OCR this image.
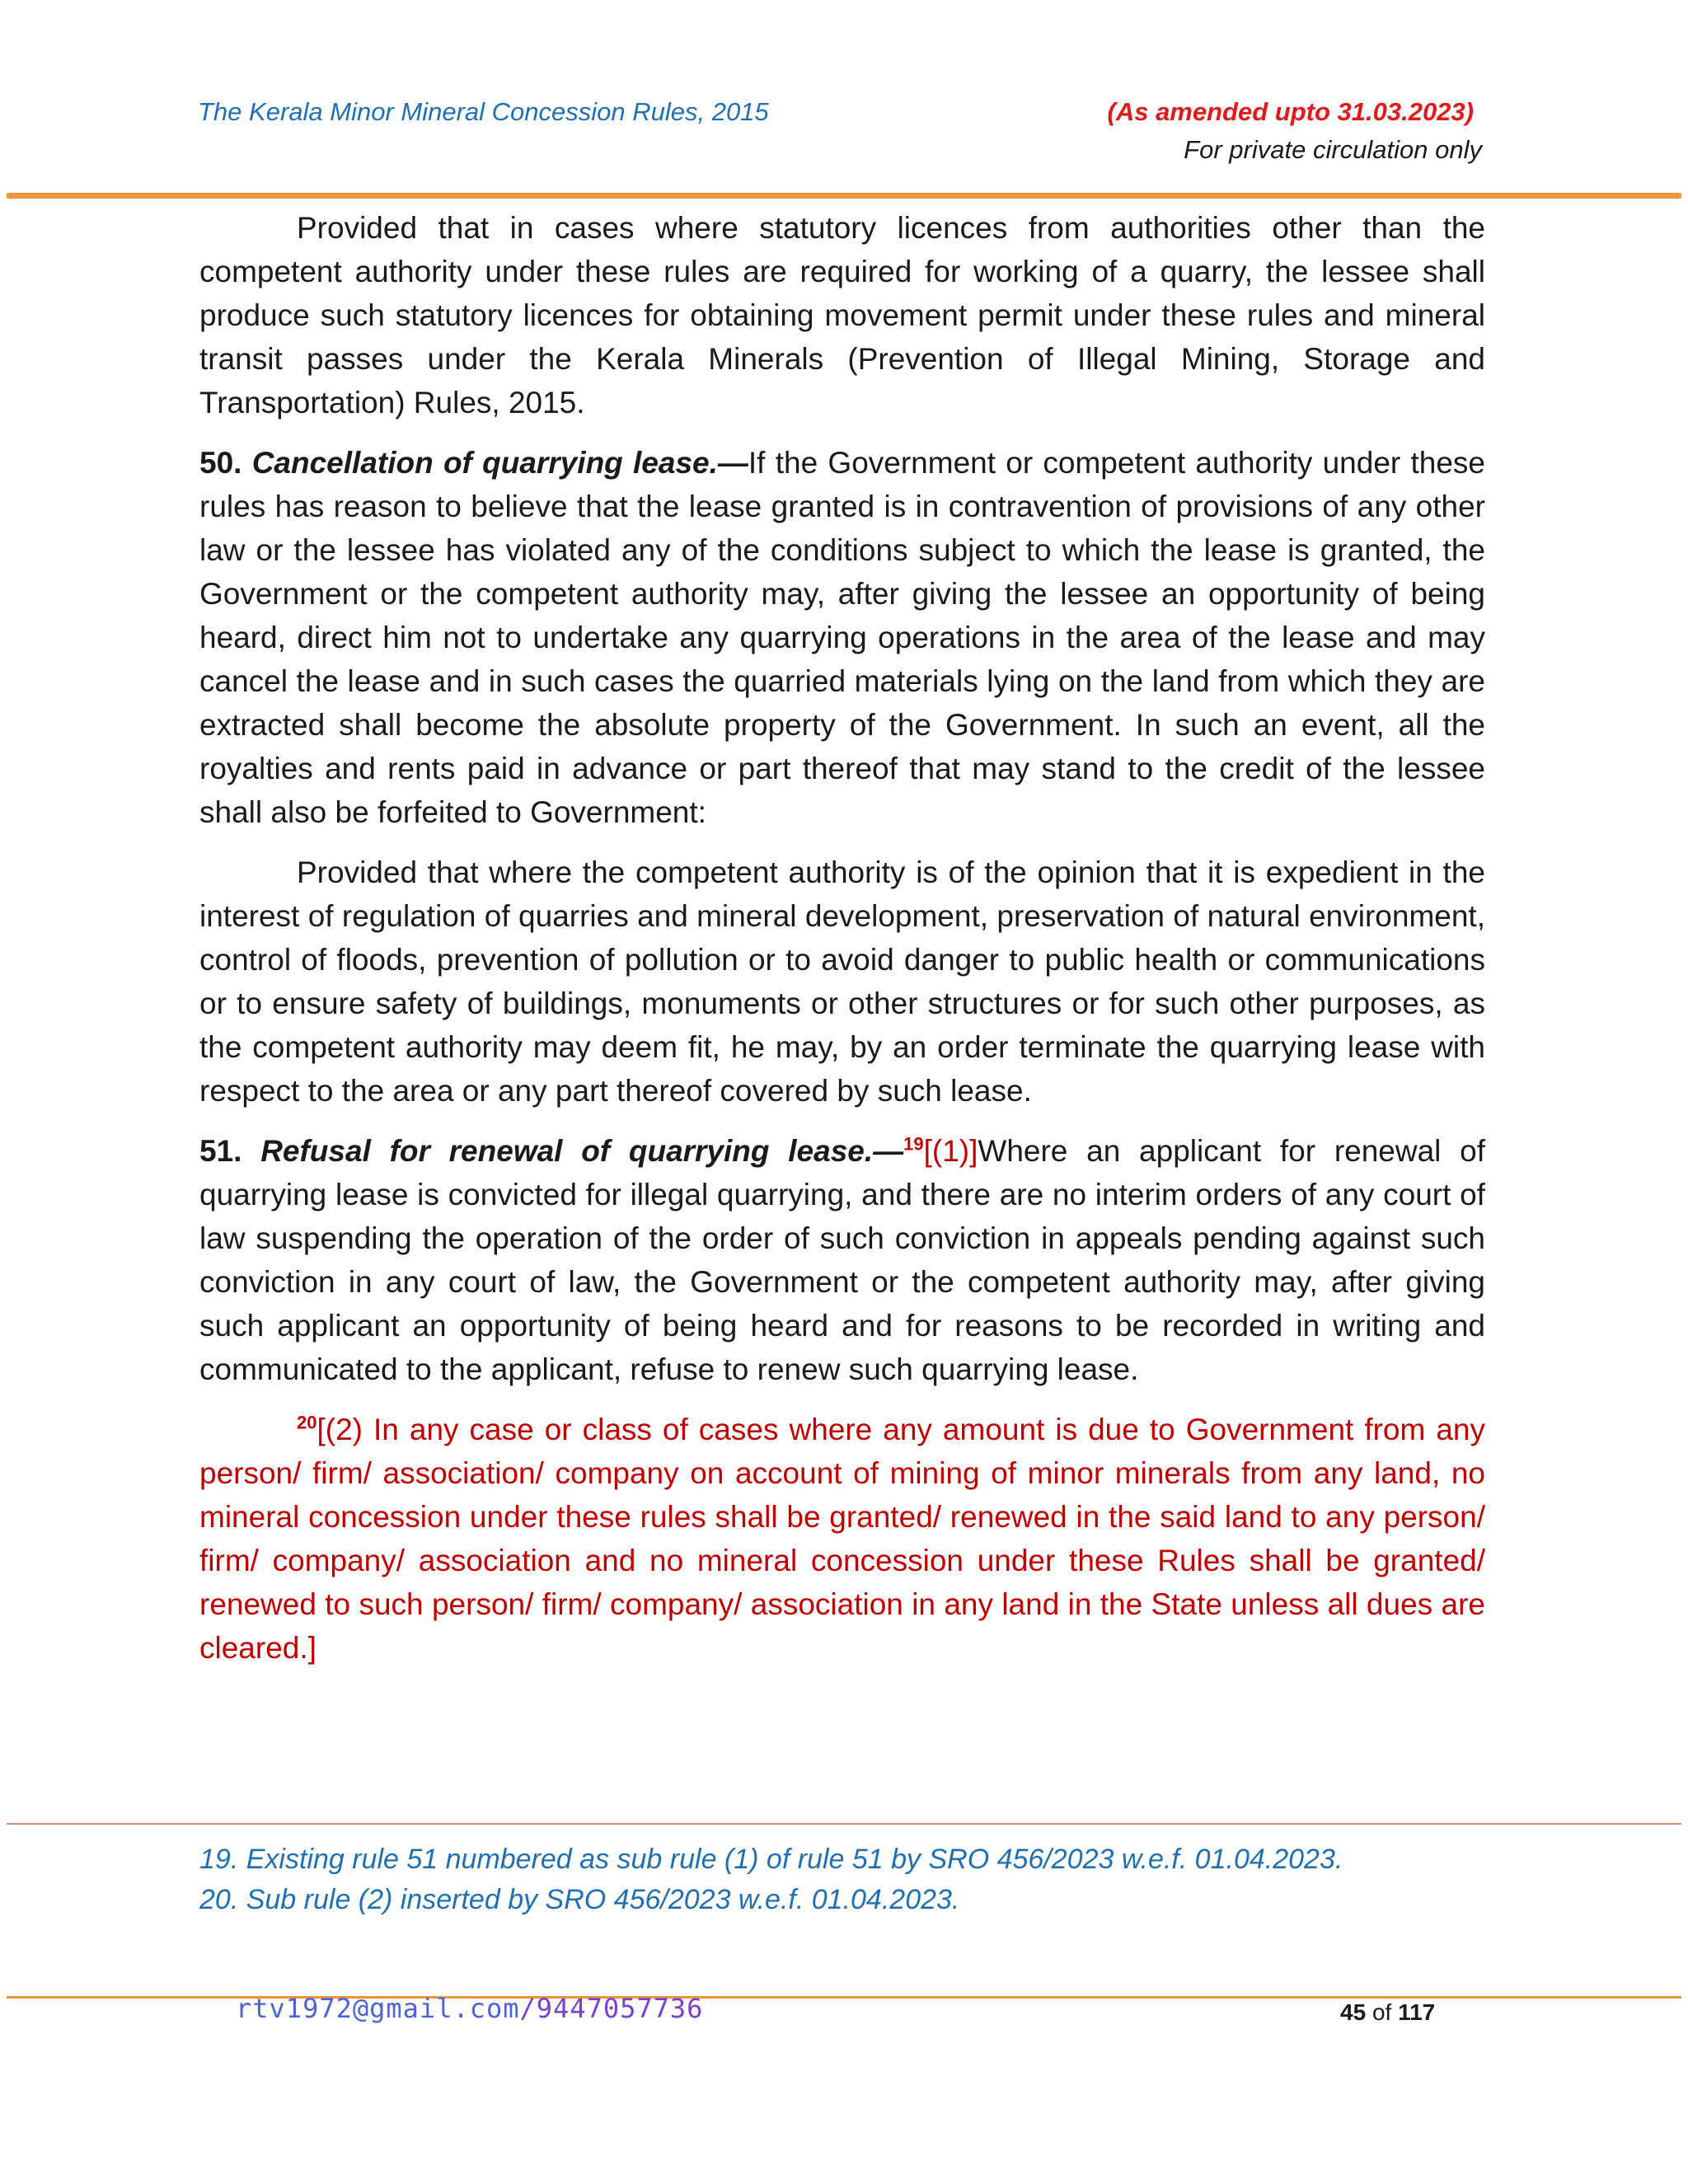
The Kerala Minor Mineral Concession Rules, 2015	(As amended upto 31.03.2023)
For private circulation only

Provided that in cases where statutory licences from authorities other than the competent authority under these rules are required for working of a quarry, the lessee shall produce such statutory licences for obtaining movement permit under these rules and mineral transit passes under the Kerala Minerals (Prevention of Illegal Mining, Storage and Transportation) Rules, 2015.

50. Cancellation of quarrying lease.—If the Government or competent authority under these rules has reason to believe that the lease granted is in contravention of provisions of any other law or the lessee has violated any of the conditions subject to which the lease is granted, the Government or the competent authority may, after giving the lessee an opportunity of being heard, direct him not to undertake any quarrying operations in the area of the lease and may cancel the lease and in such cases the quarried materials lying on the land from which they are extracted shall become the absolute property of the Government. In such an event, all the royalties and rents paid in advance or part thereof that may stand to the credit of the lessee shall also be forfeited to Government:

Provided that where the competent authority is of the opinion that it is expedient in the interest of regulation of quarries and mineral development, preservation of natural environment, control of floods, prevention of pollution or to avoid danger to public health or communications or to ensure safety of buildings, monuments or other structures or for such other purposes, as the competent authority may deem fit, he may, by an order terminate the quarrying lease with respect to the area or any part thereof covered by such lease.

51. Refusal for renewal of quarrying lease.—$^{19}$[(1)]Where an applicant for renewal of quarrying lease is convicted for illegal quarrying, and there are no interim orders of any court of law suspending the operation of the order of such conviction in appeals pending against such conviction in any court of law, the Government or the competent authority may, after giving such applicant an opportunity of being heard and for reasons to be recorded in writing and communicated to the applicant, refuse to renew such quarrying lease.

$^{20}$[(2) In any case or class of cases where any amount is due to Government from any person/ firm/ association/ company on account of mining of minor minerals from any land, no mineral concession under these rules shall be granted/ renewed in the said land to any person/ firm/ company/ association and no mineral concession under these Rules shall be granted/ renewed to such person/ firm/ company/ association in any land in the State unless all dues are cleared.]

19. Existing rule 51 numbered as sub rule (1) of rule 51 by SRO 456/2023 w.e.f. 01.04.2023.
20. Sub rule (2) inserted by SRO 456/2023 w.e.f. 01.04.2023.
rtv1972@gmail.com/9447057736	45 of 117
